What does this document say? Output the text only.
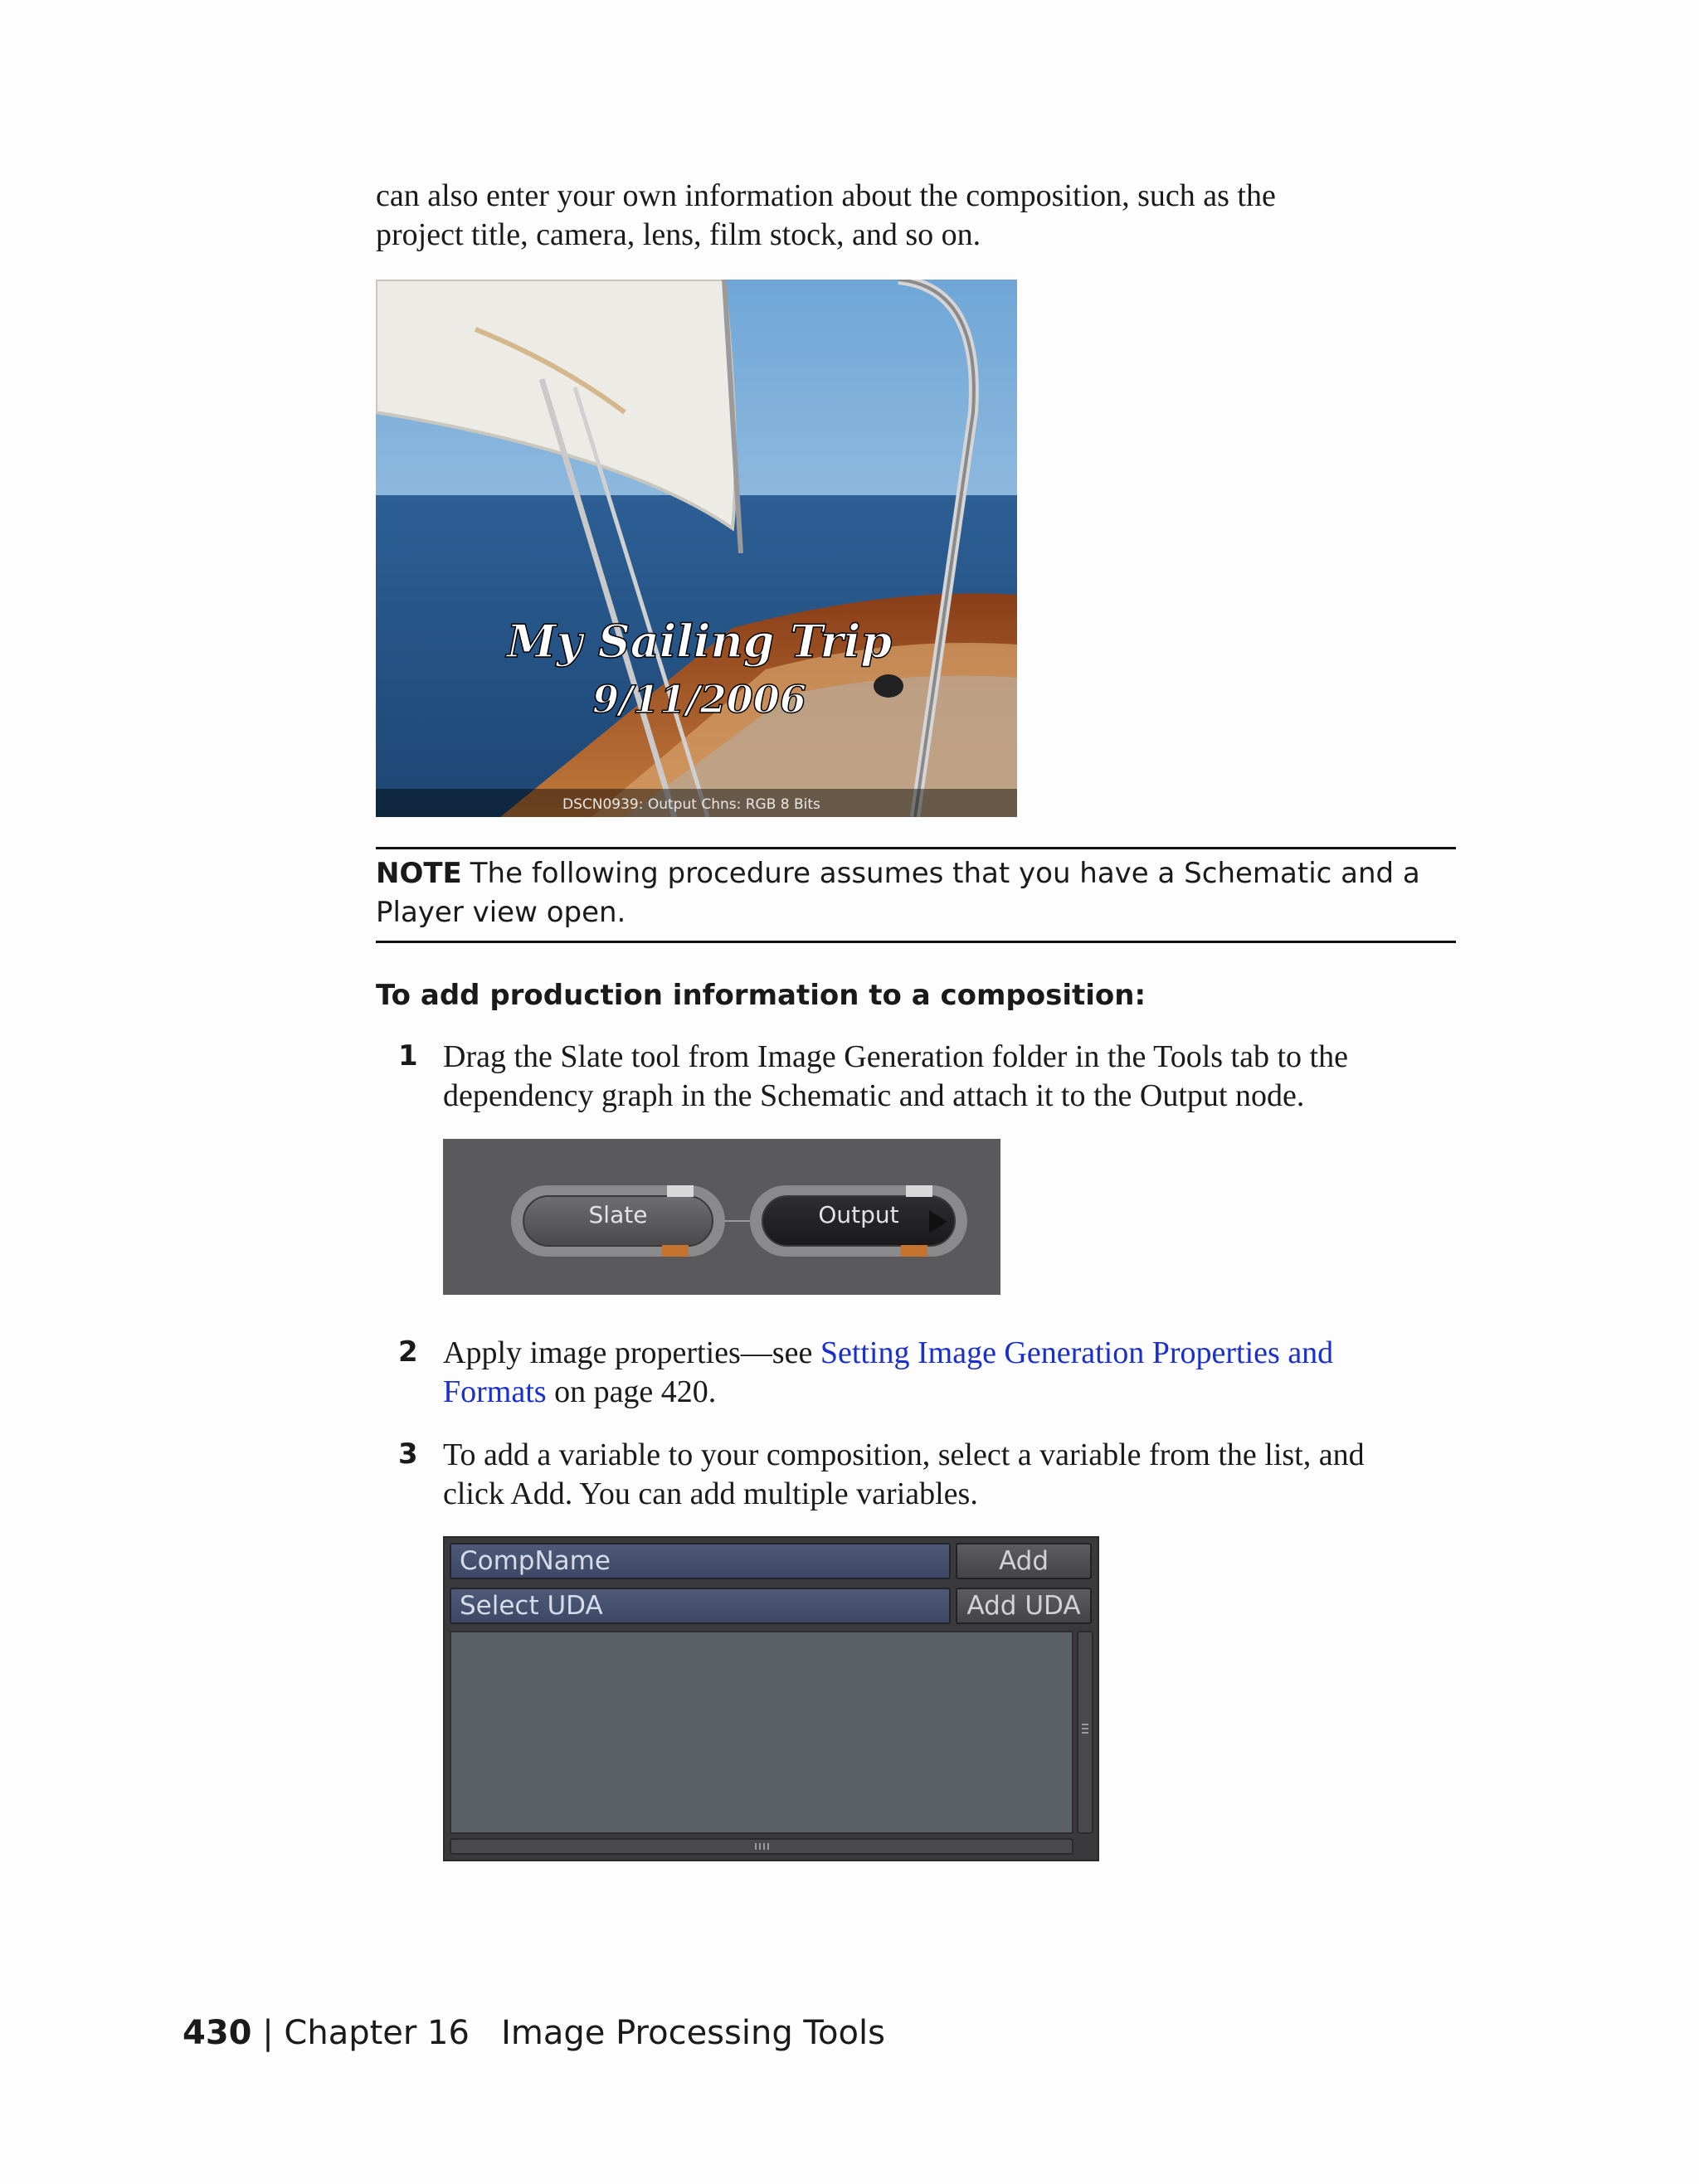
can also enter your own information about the composition, such as the
project title, camera, lens, film stock, and so on.
My Sailing Trip
9/11/2006
DSCN0939: Output Chns: RGB 8 Bits
NOTE The following procedure assumes that you have a Schematic and a Player view open.
To add production information to a composition:
1 Drag the Slate tool from Image Generation folder in the Tools tab to the
dependency graph in the Schematic and attach it to the Output node.
Slate	Output
2 Apply image properties—see Setting Image Generation Properties and
Formats on page 420.
3 To add a variable to your composition, select a variable from the list, and
click Add. You can add multiple variables.
CompName	Add
Select UDA	Add UDA
430 | Chapter 16 Image Processing Tools
